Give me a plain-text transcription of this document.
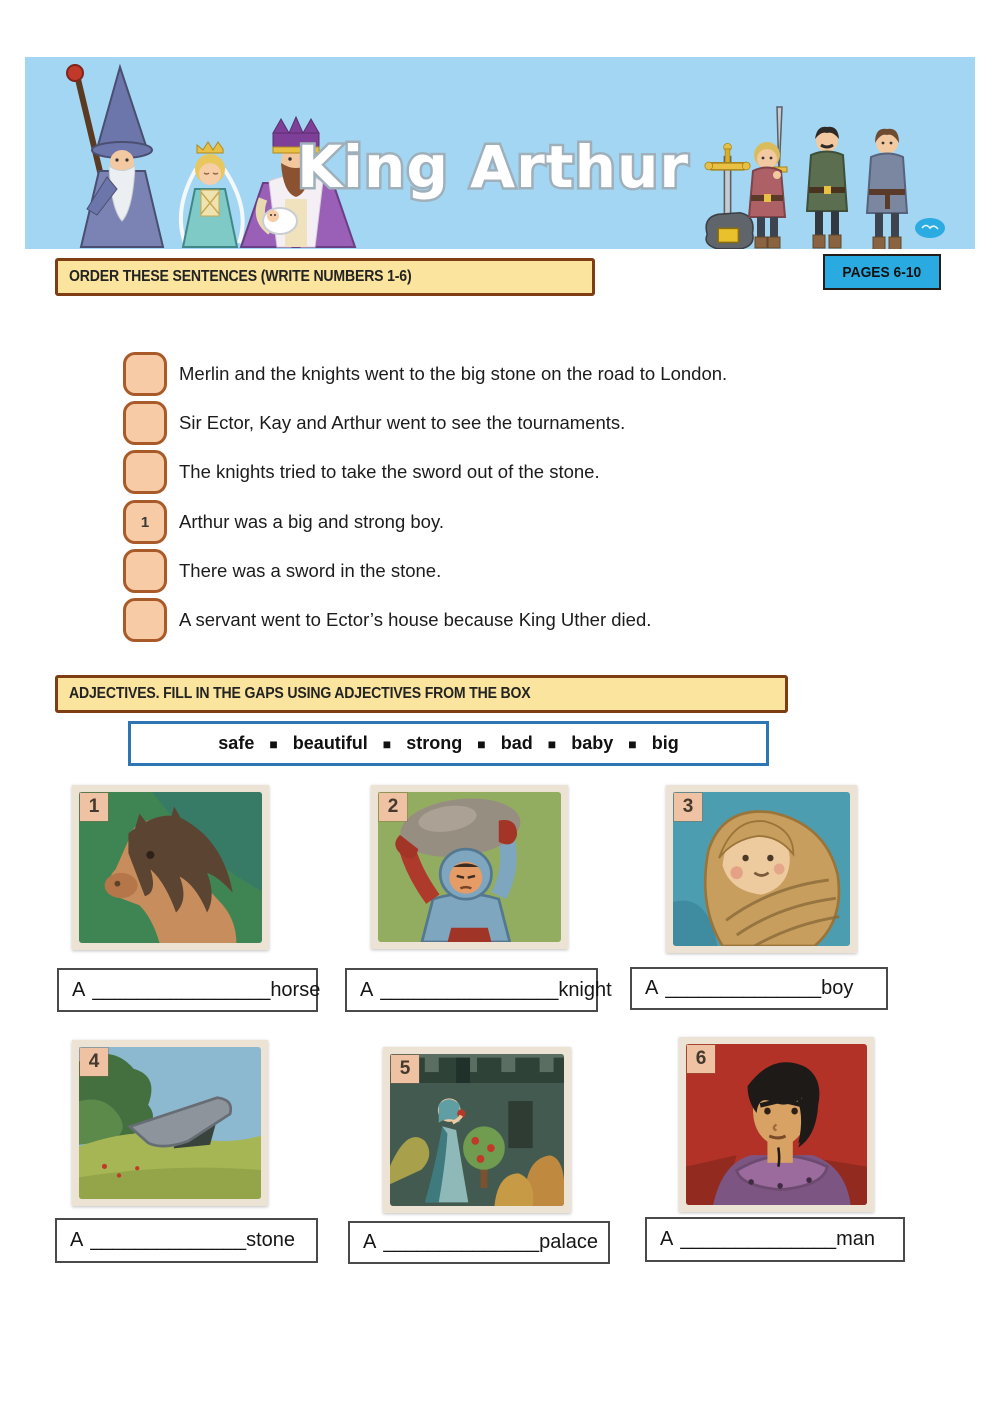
King Arthur
ORDER THESE SENTENCES (WRITE NUMBERS 1-6)	PAGES 6-10
Merlin and the knights went to the big stone on the road to London.
Sir Ector, Kay and Arthur went to see the tournaments.
The knights tried to take the sword out of the stone.
1 Arthur was a big and strong boy.
There was a sword in the stone.
A servant went to Ector’s house because King Uther died.
ADJECTIVES. FILL IN THE GAPS USING ADJECTIVES FROM THE BOX
safe ■ beautiful ■ strong ■ bad ■ baby ■ big
1	2	3
4	5	6
A ________________ horse A ________________ knight A ______________ boy
A ______________ stone	A ______________ palace	A ______________ man
